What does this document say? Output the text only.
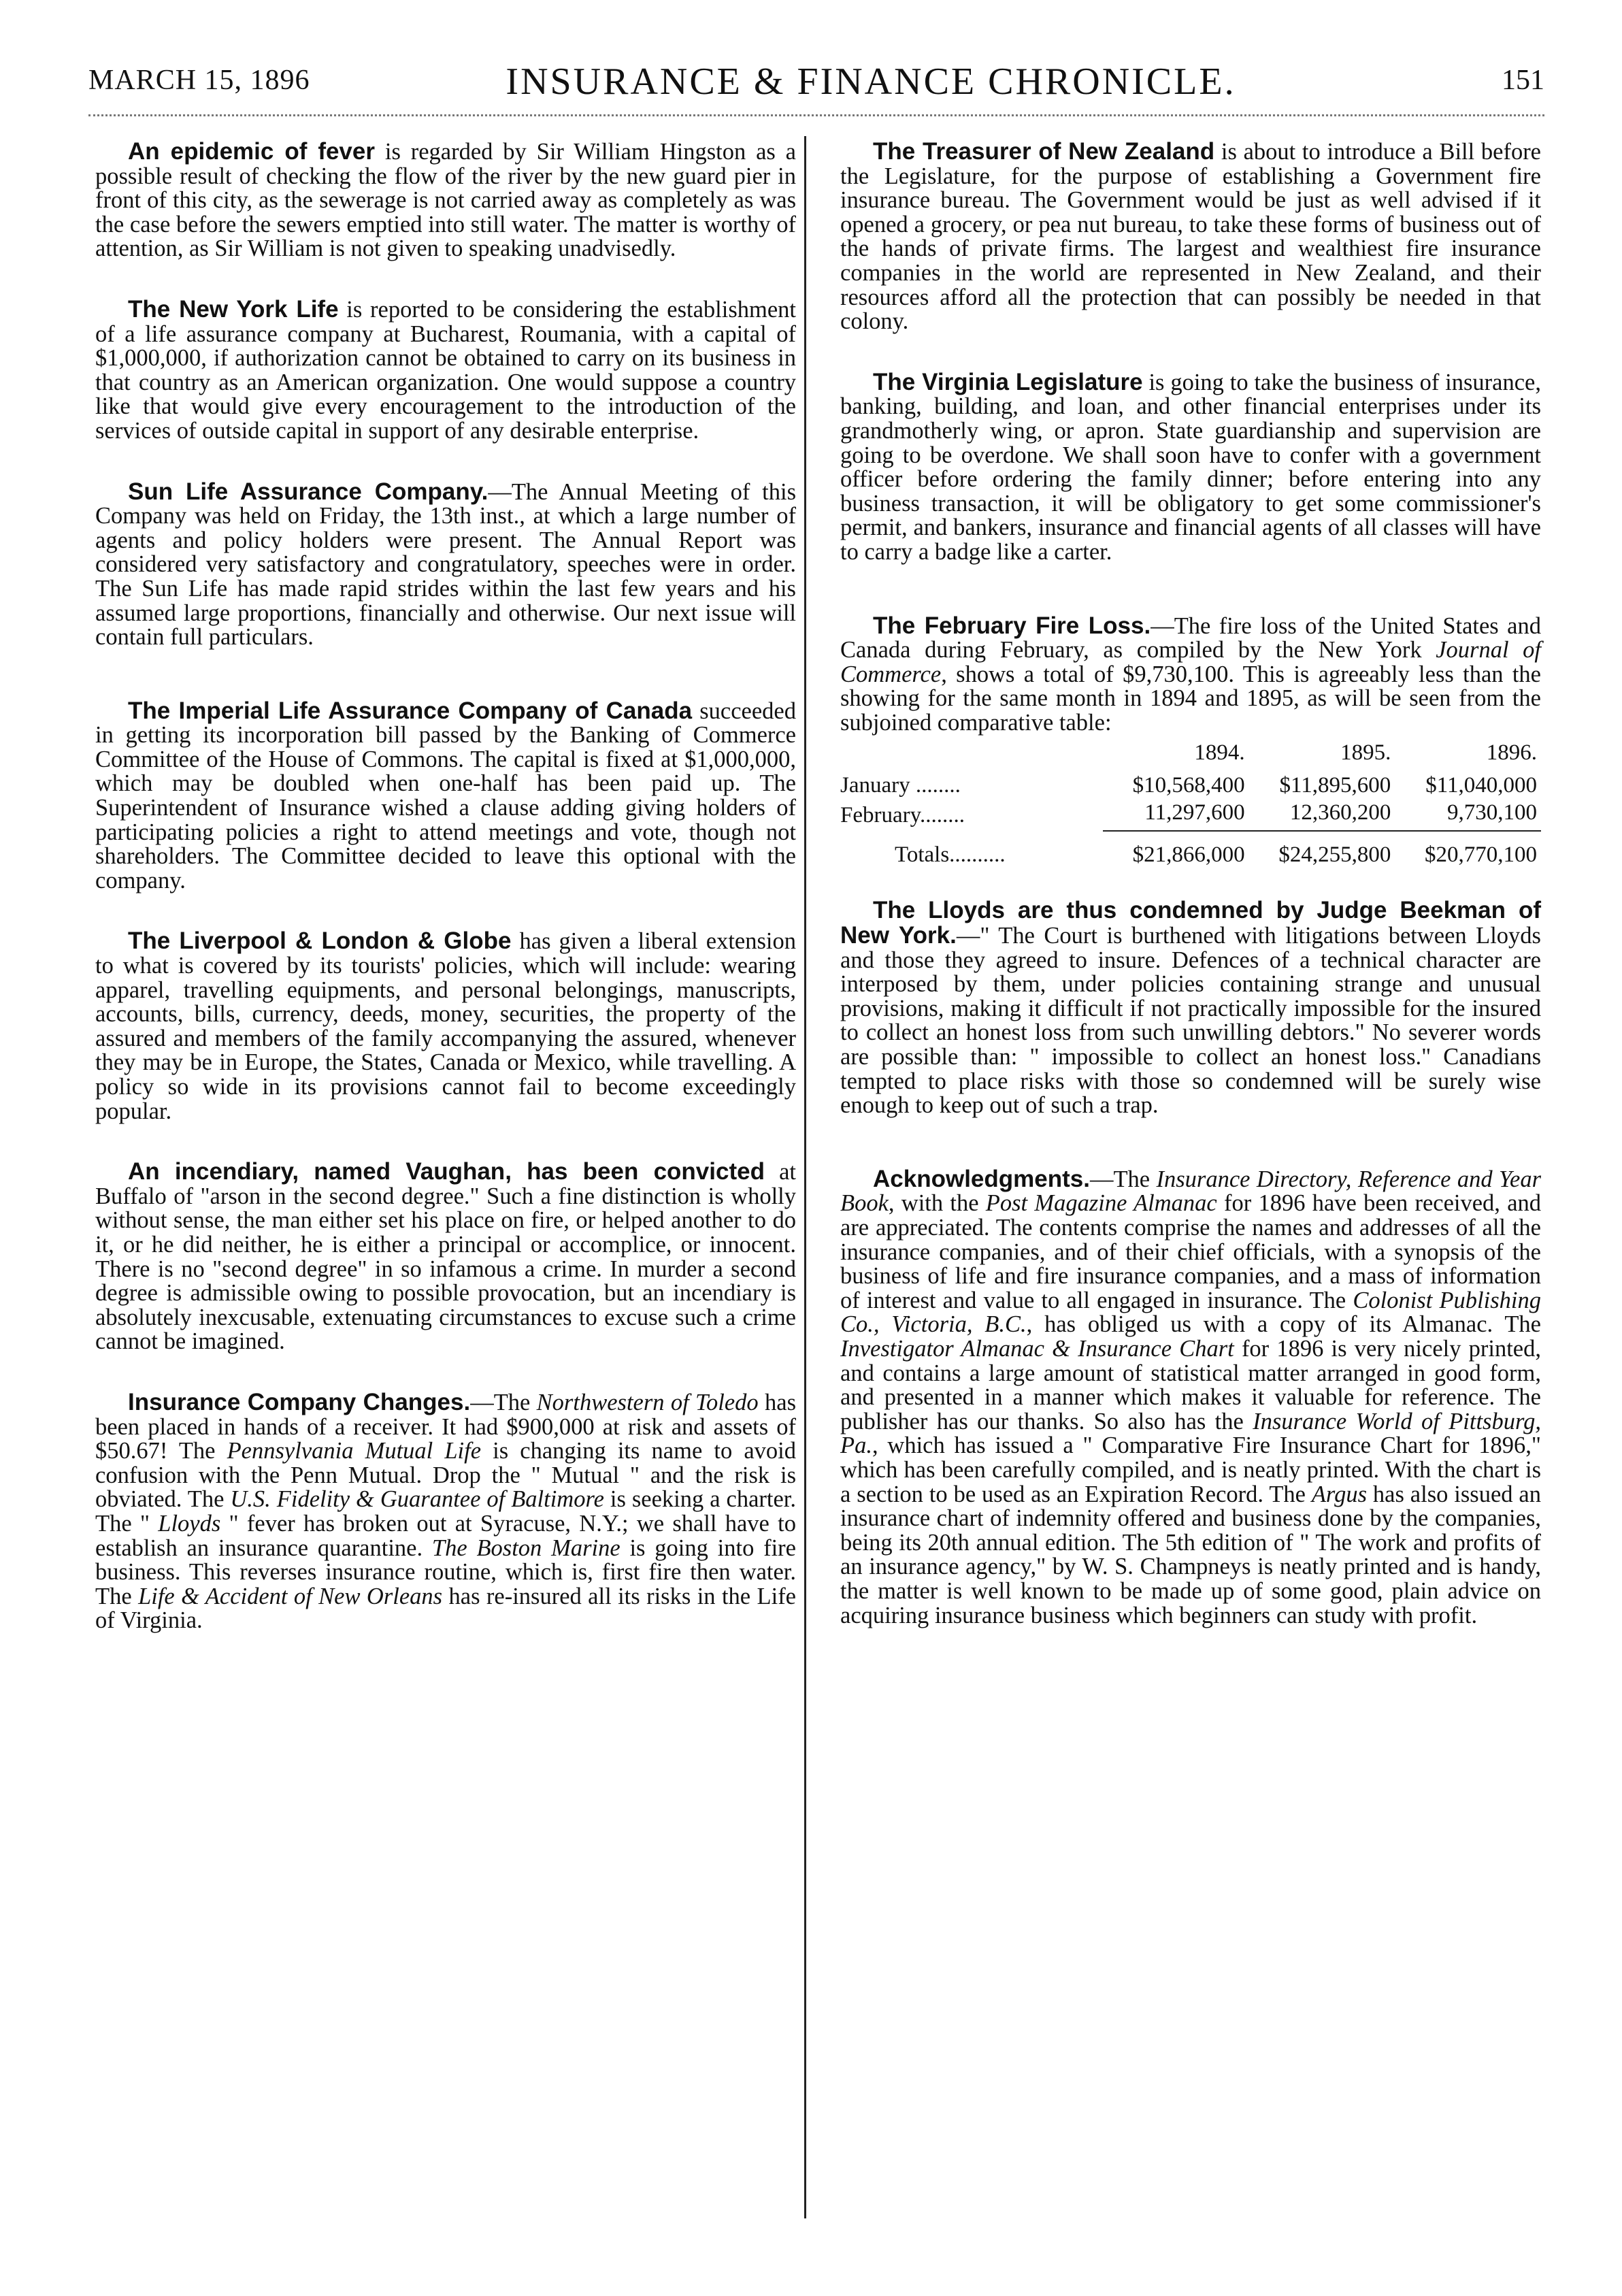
MARCH 15, 1896	INSURANCE & FINANCE CHRONICLE.	151

An epidemic of fever is regarded by Sir William Hingston as a possible result of checking the flow of the river by the new guard pier in front of this city, as the sewerage is not carried away as completely as was the case before the sewers emptied into still water. The matter is worthy of attention, as Sir William is not given to speaking unadvisedly.

The New York Life is reported to be considering the establishment of a life assurance company at Bucharest, Roumania, with a capital of $1,000,000, if authorization cannot be obtained to carry on its business in that country as an American organization. One would suppose a country like that would give every encouragement to the introduction of the services of outside capital in support of any desirable enterprise.

Sun Life Assurance Company.—The Annual Meeting of this Company was held on Friday, the 13th inst., at which a large number of agents and policy holders were present. The Annual Report was considered very satisfactory and congratulatory, speeches were in order. The Sun Life has made rapid strides within the last few years and his assumed large proportions, financially and otherwise. Our next issue will contain full particulars.

The Imperial Life Assurance Company of Canada succeeded in getting its incorporation bill passed by the Banking of Commerce Committee of the House of Commons. The capital is fixed at $1,000,000, which may be doubled when one-half has been paid up. The Superintendent of Insurance wished a clause adding giving holders of participating policies a right to attend meetings and vote, though not shareholders. The Committee decided to leave this optional with the company.

The Liverpool & London & Globe has given a liberal extension to what is covered by its tourists' policies, which will include: wearing apparel, travelling equipments, and personal belongings, manuscripts, accounts, bills, currency, deeds, money, securities, the property of the assured and members of the family accompanying the assured, whenever they may be in Europe, the States, Canada or Mexico, while travelling. A policy so wide in its provisions cannot fail to become exceedingly popular.

An incendiary, named Vaughan, has been convicted at Buffalo of "arson in the second degree." Such a fine distinction is wholly without sense, the man either set his place on fire, or helped another to do it, or he did neither, he is either a principal or accomplice, or innocent. There is no "second degree" in so infamous a crime. In murder a second degree is admissible owing to possible provocation, but an incendiary is absolutely inexcusable, extenuating circumstances to excuse such a crime cannot be imagined.

Insurance Company Changes.—The Northwestern of Toledo has been placed in hands of a receiver. It had $900,000 at risk and assets of $50.67! The Pennsylvania Mutual Life is changing its name to avoid confusion with the Penn Mutual. Drop the " Mutual " and the risk is obviated. The U.S. Fidelity & Guarantee of Baltimore is seeking a charter. The " Lloyds " fever has broken out at Syracuse, N.Y.; we shall have to establish an insurance quarantine. The Boston Marine is going into fire business. This reverses insurance routine, which is, first fire then water. The Life & Accident of New Orleans has re-insured all its risks in the Life of Virginia.

The Treasurer of New Zealand is about to introduce a Bill before the Legislature, for the purpose of establishing a Government fire insurance bureau. The Government would be just as well advised if it opened a grocery, or pea nut bureau, to take these forms of business out of the hands of private firms. The largest and wealthiest fire insurance companies in the world are represented in New Zealand, and their resources afford all the protection that can possibly be needed in that colony.

The Virginia Legislature is going to take the business of insurance, banking, building, and loan, and other financial enterprises under its grandmotherly wing, or apron. State guardianship and supervision are going to be overdone. We shall soon have to confer with a government officer before ordering the family dinner; before entering into any business transaction, it will be obligatory to get some commissioner's permit, and bankers, insurance and financial agents of all classes will have to carry a badge like a carter.

The February Fire Loss.—The fire loss of the United States and Canada during February, as compiled by the New York Journal of Commerce, shows a total of $9,730,100. This is agreeably less than the showing for the same month in 1894 and 1895, as will be seen from the subjoined comparative table:

	1894.	1895.	1896.
January ........	$10,568,400	$11,895,600	$11,040,000
February........	11,297,600	12,360,200	9,730,100
Totals..........	$21,866,000	$24,255,800	$20,770,100

The Lloyds are thus condemned by Judge Beekman of New York.—" The Court is burthened with litigations between Lloyds and those they agreed to insure. Defences of a technical character are interposed by them, under policies containing strange and unusual provisions, making it difficult if not practically impossible for the insured to collect an honest loss from such unwilling debtors." No severer words are possible than: " impossible to collect an honest loss." Canadians tempted to place risks with those so condemned will be surely wise enough to keep out of such a trap.

Acknowledgments.—The Insurance Directory, Reference and Year Book, with the Post Magazine Almanac for 1896 have been received, and are appreciated. The contents comprise the names and addresses of all the insurance companies, and of their chief officials, with a synopsis of the business of life and fire insurance companies, and a mass of information of interest and value to all engaged in insurance. The Colonist Publishing Co., Victoria, B.C., has obliged us with a copy of its Almanac. The Investigator Almanac & Insurance Chart for 1896 is very nicely printed, and contains a large amount of statistical matter arranged in good form, and presented in a manner which makes it valuable for reference. The publisher has our thanks. So also has the Insurance World of Pittsburg, Pa., which has issued a " Comparative Fire Insurance Chart for 1896," which has been carefully compiled, and is neatly printed. With the chart is a section to be used as an Expiration Record. The Argus has also issued an insurance chart of indemnity offered and business done by the companies, being its 20th annual edition. The 5th edition of " The work and profits of an insurance agency," by W. S. Champneys is neatly printed and is handy, the matter is well known to be made up of some good, plain advice on acquiring insurance business which beginners can study with profit.
